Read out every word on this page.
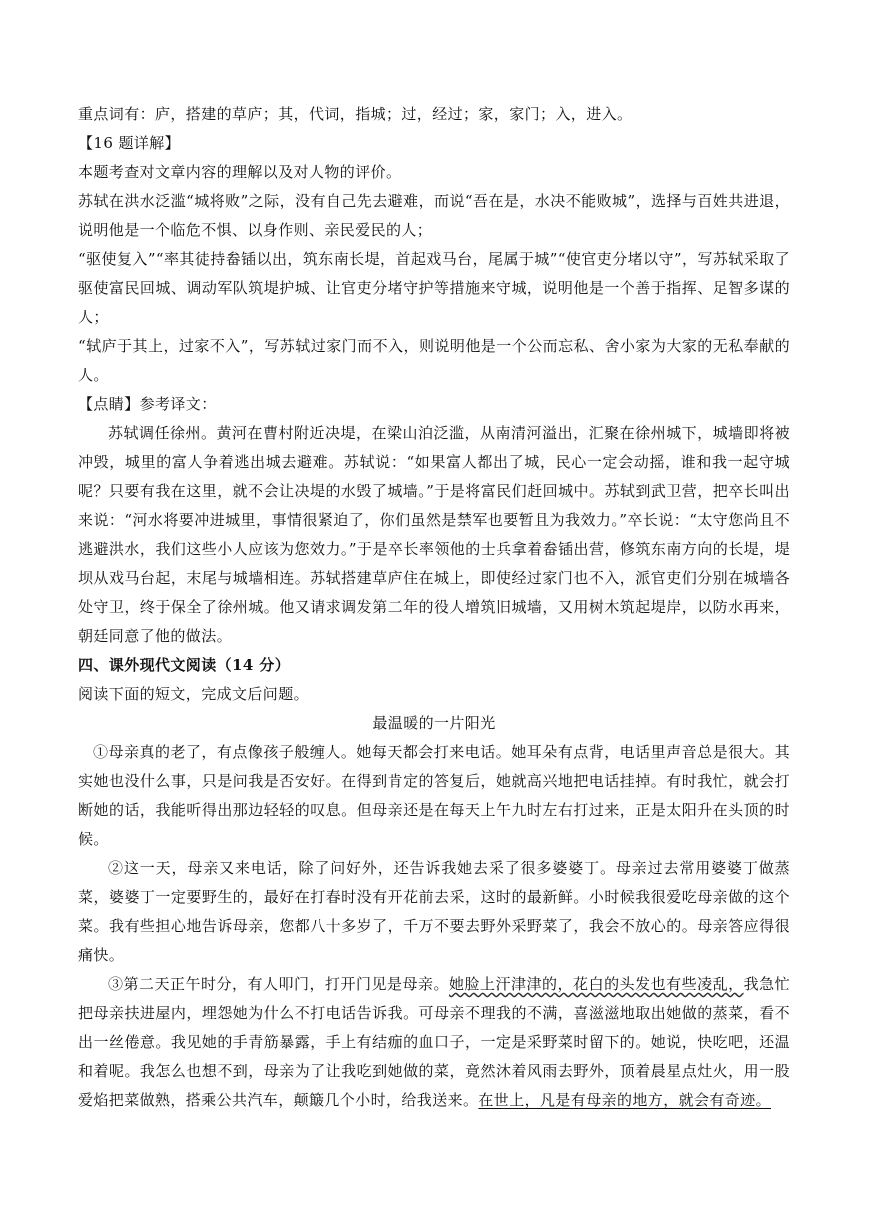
重点词有：庐，搭建的草庐；其，代词，指城；过，经过；家，家门；入，进入。

【16 题详解】

本题考查对文章内容的理解以及对人物的评价。

苏轼在洪水泛滥“城将败”之际，没有自己先去避难，而说“吾在是，水决不能败城”，选择与百姓共进退，说明他是一个临危不惧、以身作则、亲民爱民的人；

“驱使复入”“率其徒持畚锸以出，筑东南长堤，首起戏马台，尾属于城”“使官吏分堵以守”，写苏轼采取了驱使富民回城、调动军队筑堤护城、让官吏分堵守护等措施来守城，说明他是一个善于指挥、足智多谋的人；

“轼庐于其上，过家不入”，写苏轼过家门而不入，则说明他是一个公而忘私、舍小家为大家的无私奉献的人。

【点睛】参考译文：

苏轼调任徐州。黄河在曹村附近决堤，在梁山泊泛滥，从南清河溢出，汇聚在徐州城下，城墙即将被冲毁，城里的富人争着逃出城去避难。苏轼说：“如果富人都出了城，民心一定会动摇，谁和我一起守城呢？只要有我在这里，就不会让决堤的水毁了城墙。”于是将富民们赶回城中。苏轼到武卫营，把卒长叫出来说：“河水将要冲进城里，事情很紧迫了，你们虽然是禁军也要暂且为我效力。”卒长说：“太守您尚且不逃避洪水，我们这些小人应该为您效力。”于是卒长率领他的士兵拿着畚锸出营，修筑东南方向的长堤，堤坝从戏马台起，末尾与城墙相连。苏轼搭建草庐住在城上，即使经过家门也不入，派官吏们分别在城墙各处守卫，终于保全了徐州城。他又请求调发第二年的役人增筑旧城墙，又用树木筑起堤岸，以防水再来，朝廷同意了他的做法。

四、课外现代文阅读（14 分）

阅读下面的短文，完成文后问题。

最温暖的一片阳光

①母亲真的老了，有点像孩子般缠人。她每天都会打来电话。她耳朵有点背，电话里声音总是很大。其实她也没什么事，只是问我是否安好。在得到肯定的答复后，她就高兴地把电话挂掉。有时我忙，就会打断她的话，我能听得出那边轻轻的叹息。但母亲还是在每天上午九时左右打过来，正是太阳升在头顶的时候。

②这一天，母亲又来电话，除了问好外，还告诉我她去采了很多婆婆丁。母亲过去常用婆婆丁做蒸菜，婆婆丁一定要野生的，最好在打春时没有开花前去采，这时的最新鲜。小时候我很爱吃母亲做的这个菜。我有些担心地告诉母亲，您都八十多岁了，千万不要去野外采野菜了，我会不放心的。母亲答应得很痛快。

③第二天正午时分，有人叩门，打开门见是母亲。她脸上汗津津的，花白的头发也有些凌乱，我急忙把母亲扶进屋内，埋怨她为什么不打电话告诉我。可母亲不理我的不满，喜滋滋地取出她做的蒸菜，看不出一丝倦意。我见她的手青筋暴露，手上有结痂的血口子，一定是采野菜时留下的。她说，快吃吧，还温和着呢。我怎么也想不到，母亲为了让我吃到她做的菜，竟然沐着风雨去野外，顶着晨星点灶火，用一股爱焰把菜做熟，搭乘公共汽车，颠簸几个小时，给我送来。在世上，凡是有母亲的地方，就会有奇迹。
